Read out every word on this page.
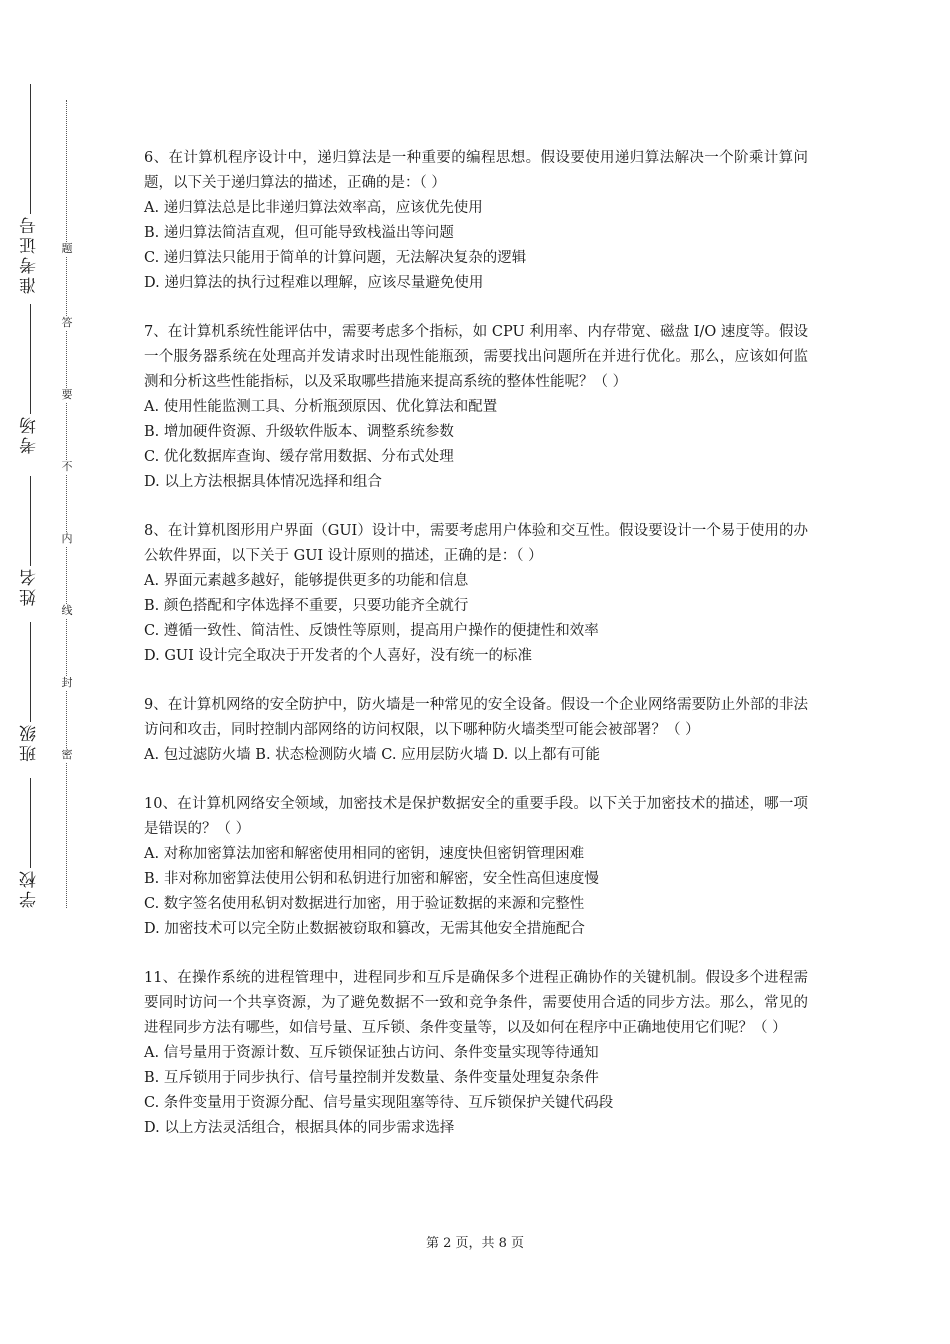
准考证号
考场
姓名
班级
学校
题
答
要
不
内
线
封
密
6、在计算机程序设计中，递归算法是一种重要的编程思想。假设要使用递归算法解决一个阶乘计算问题，以下关于递归算法的描述，正确的是：（ ）
A. 递归算法总是比非递归算法效率高，应该优先使用
B. 递归算法简洁直观，但可能导致栈溢出等问题
C. 递归算法只能用于简单的计算问题，无法解决复杂的逻辑
D. 递归算法的执行过程难以理解，应该尽量避免使用
7、在计算机系统性能评估中，需要考虑多个指标，如 CPU 利用率、内存带宽、磁盘 I/O 速度等。假设一个服务器系统在处理高并发请求时出现性能瓶颈，需要找出问题所在并进行优化。那么，应该如何监测和分析这些性能指标，以及采取哪些措施来提高系统的整体性能呢？（ ）
A. 使用性能监测工具、分析瓶颈原因、优化算法和配置
B. 增加硬件资源、升级软件版本、调整系统参数
C. 优化数据库查询、缓存常用数据、分布式处理
D. 以上方法根据具体情况选择和组合
8、在计算机图形用户界面（GUI）设计中，需要考虑用户体验和交互性。假设要设计一个易于使用的办公软件界面，以下关于 GUI 设计原则的描述，正确的是：（ ）
A. 界面元素越多越好，能够提供更多的功能和信息
B. 颜色搭配和字体选择不重要，只要功能齐全就行
C. 遵循一致性、简洁性、反馈性等原则，提高用户操作的便捷性和效率
D. GUI 设计完全取决于开发者的个人喜好，没有统一的标准
9、在计算机网络的安全防护中，防火墙是一种常见的安全设备。假设一个企业网络需要防止外部的非法访问和攻击，同时控制内部网络的访问权限，以下哪种防火墙类型可能会被部署？（ ）
A. 包过滤防火墙 B. 状态检测防火墙 C. 应用层防火墙 D. 以上都有可能
10、在计算机网络安全领域，加密技术是保护数据安全的重要手段。以下关于加密技术的描述，哪一项是错误的？（ ）
A. 对称加密算法加密和解密使用相同的密钥，速度快但密钥管理困难
B. 非对称加密算法使用公钥和私钥进行加密和解密，安全性高但速度慢
C. 数字签名使用私钥对数据进行加密，用于验证数据的来源和完整性
D. 加密技术可以完全防止数据被窃取和篡改，无需其他安全措施配合
11、在操作系统的进程管理中，进程同步和互斥是确保多个进程正确协作的关键机制。假设多个进程需要同时访问一个共享资源，为了避免数据不一致和竞争条件，需要使用合适的同步方法。那么，常见的进程同步方法有哪些，如信号量、互斥锁、条件变量等，以及如何在程序中正确地使用它们呢？（ ）
A. 信号量用于资源计数、互斥锁保证独占访问、条件变量实现等待通知
B. 互斥锁用于同步执行、信号量控制并发数量、条件变量处理复杂条件
C. 条件变量用于资源分配、信号量实现阻塞等待、互斥锁保护关键代码段
D. 以上方法灵活组合，根据具体的同步需求选择
第 2 页，共 8 页
